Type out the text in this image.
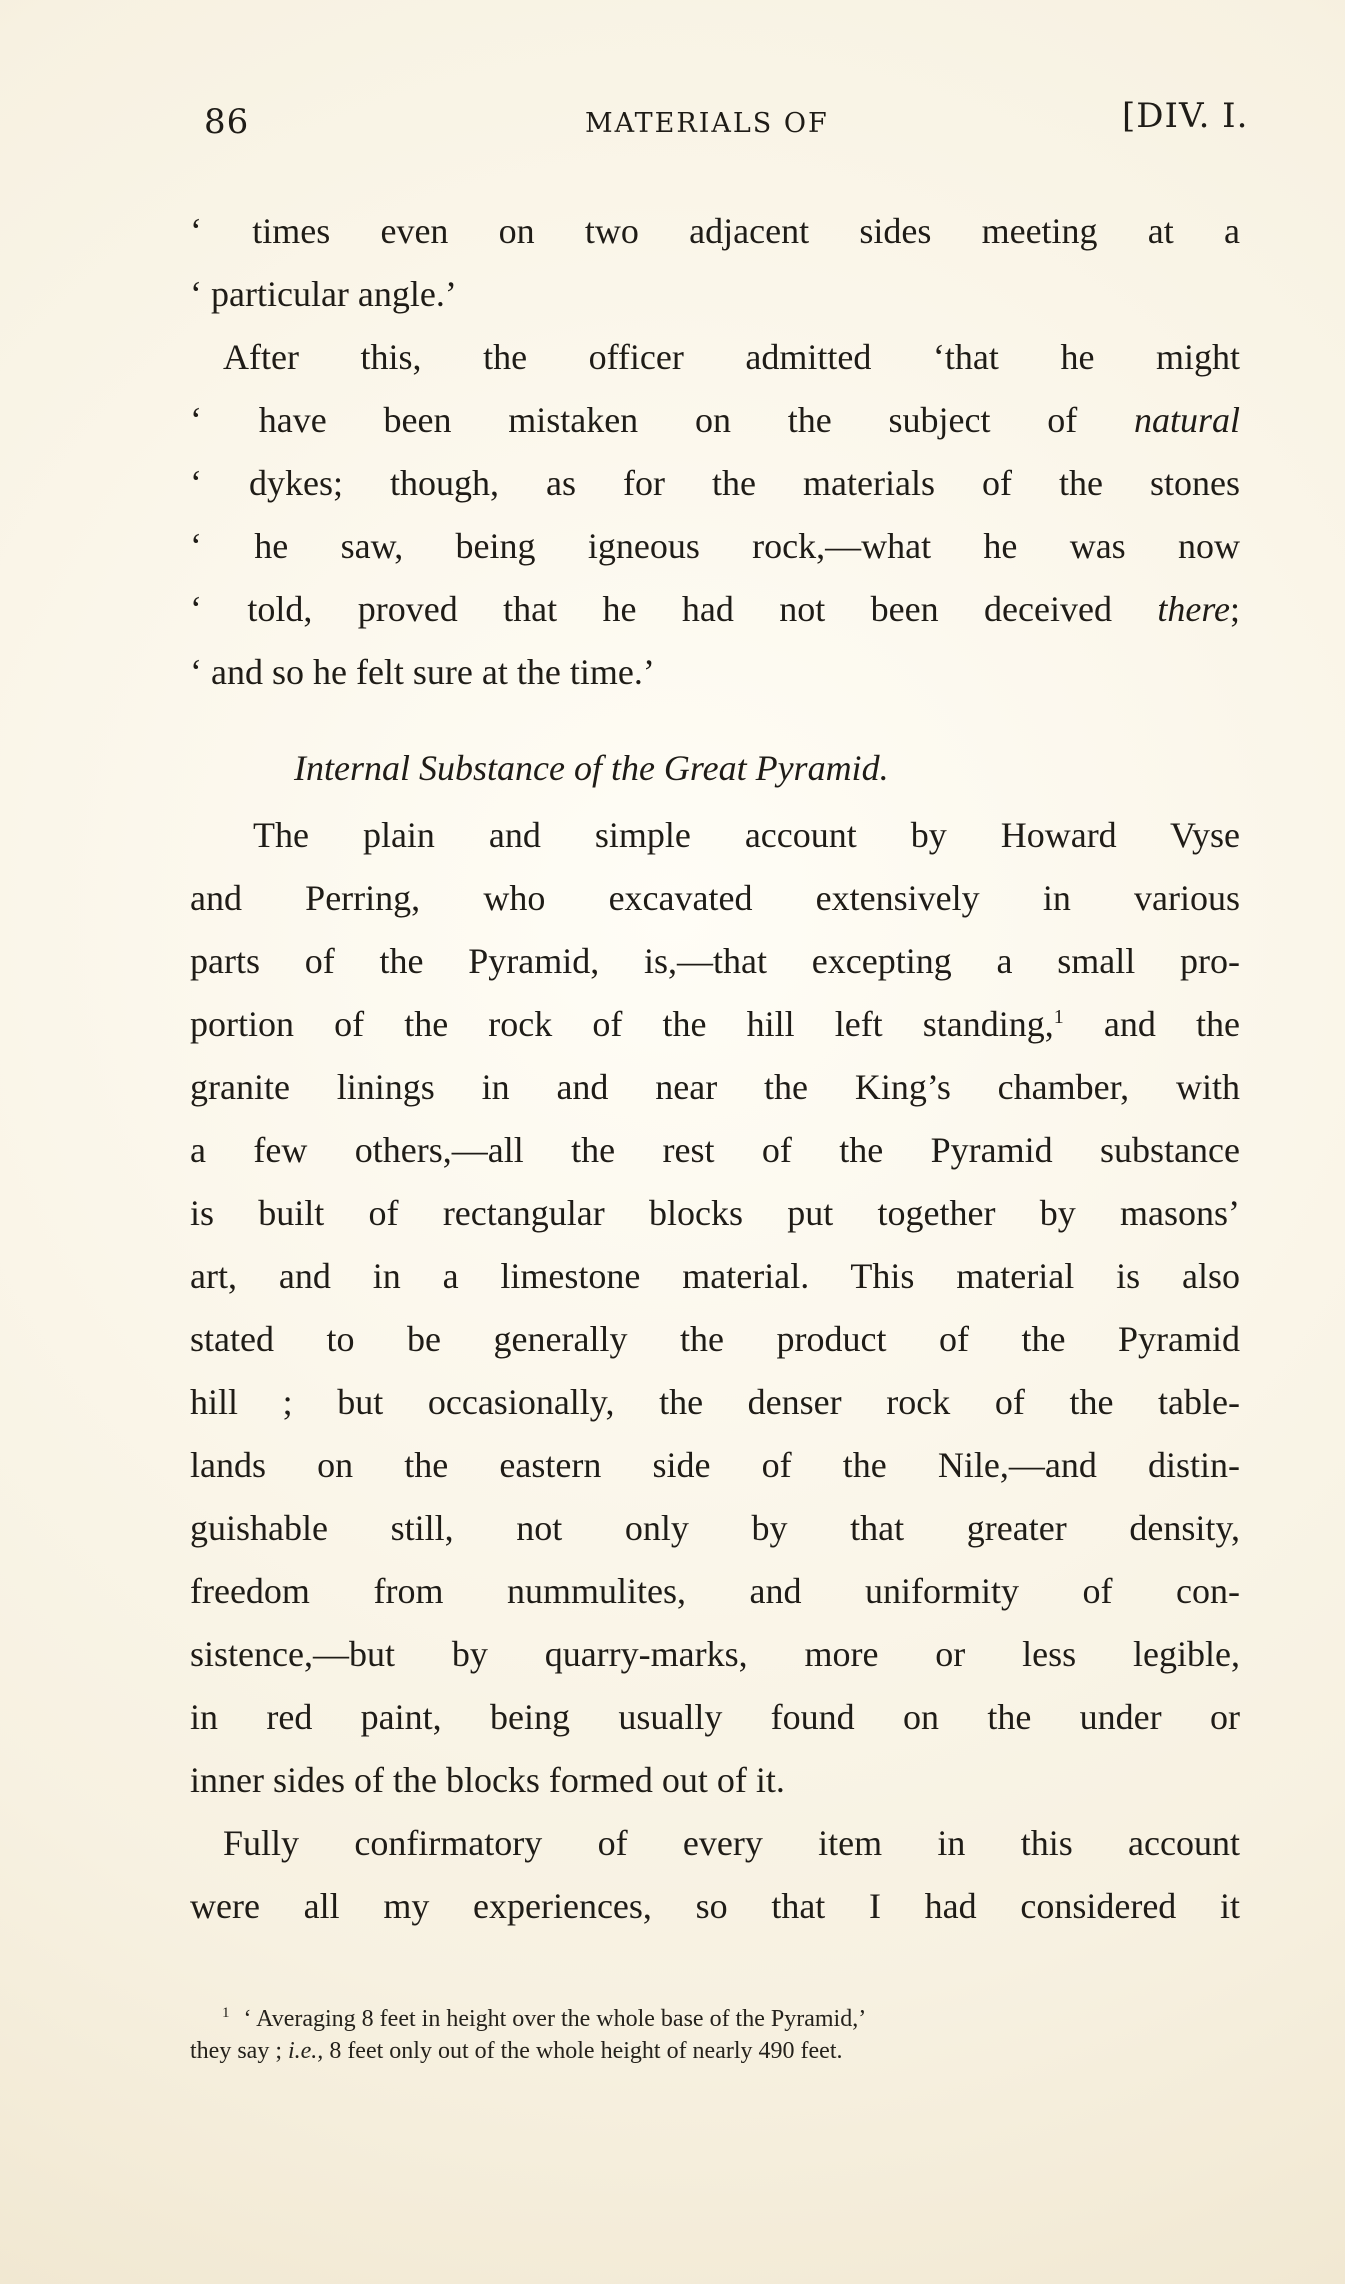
86	MATERIALS OF	[DIV. I.
‘ times even on two adjacent sides meeting at a
‘ particular angle.’
After this, the officer admitted ‘that he might
‘ have been mistaken on the subject of natural
‘ dykes; though, as for the materials of the stones
‘ he saw, being igneous rock,—what he was now
‘ told, proved that he had not been deceived there;
‘ and so he felt sure at the time.’
Internal Substance of the Great Pyramid.
The plain and simple account by Howard Vyse
and Perring, who excavated extensively in various
parts of the Pyramid, is,—that excepting a small pro-
portion of the rock of the hill left standing,$^1$ and the
granite linings in and near the King’s chamber, with
a few others,—all the rest of the Pyramid substance
is built of rectangular blocks put together by masons’
art, and in a limestone material. This material is also
stated to be generally the product of the Pyramid
hill ; but occasionally, the denser rock of the table-
lands on the eastern side of the Nile,—and distin-
guishable still, not only by that greater density,
freedom from nummulites, and uniformity of con-
sistence,—but by quarry-marks, more or less legible,
in red paint, being usually found on the under or
inner sides of the blocks formed out of it.
Fully confirmatory of every item in this account
were all my experiences, so that I had considered it
$^1$ ‘ Averaging 8 feet in height over the whole base of the Pyramid,’
they say ; i.e., 8 feet only out of the whole height of nearly 490 feet.
